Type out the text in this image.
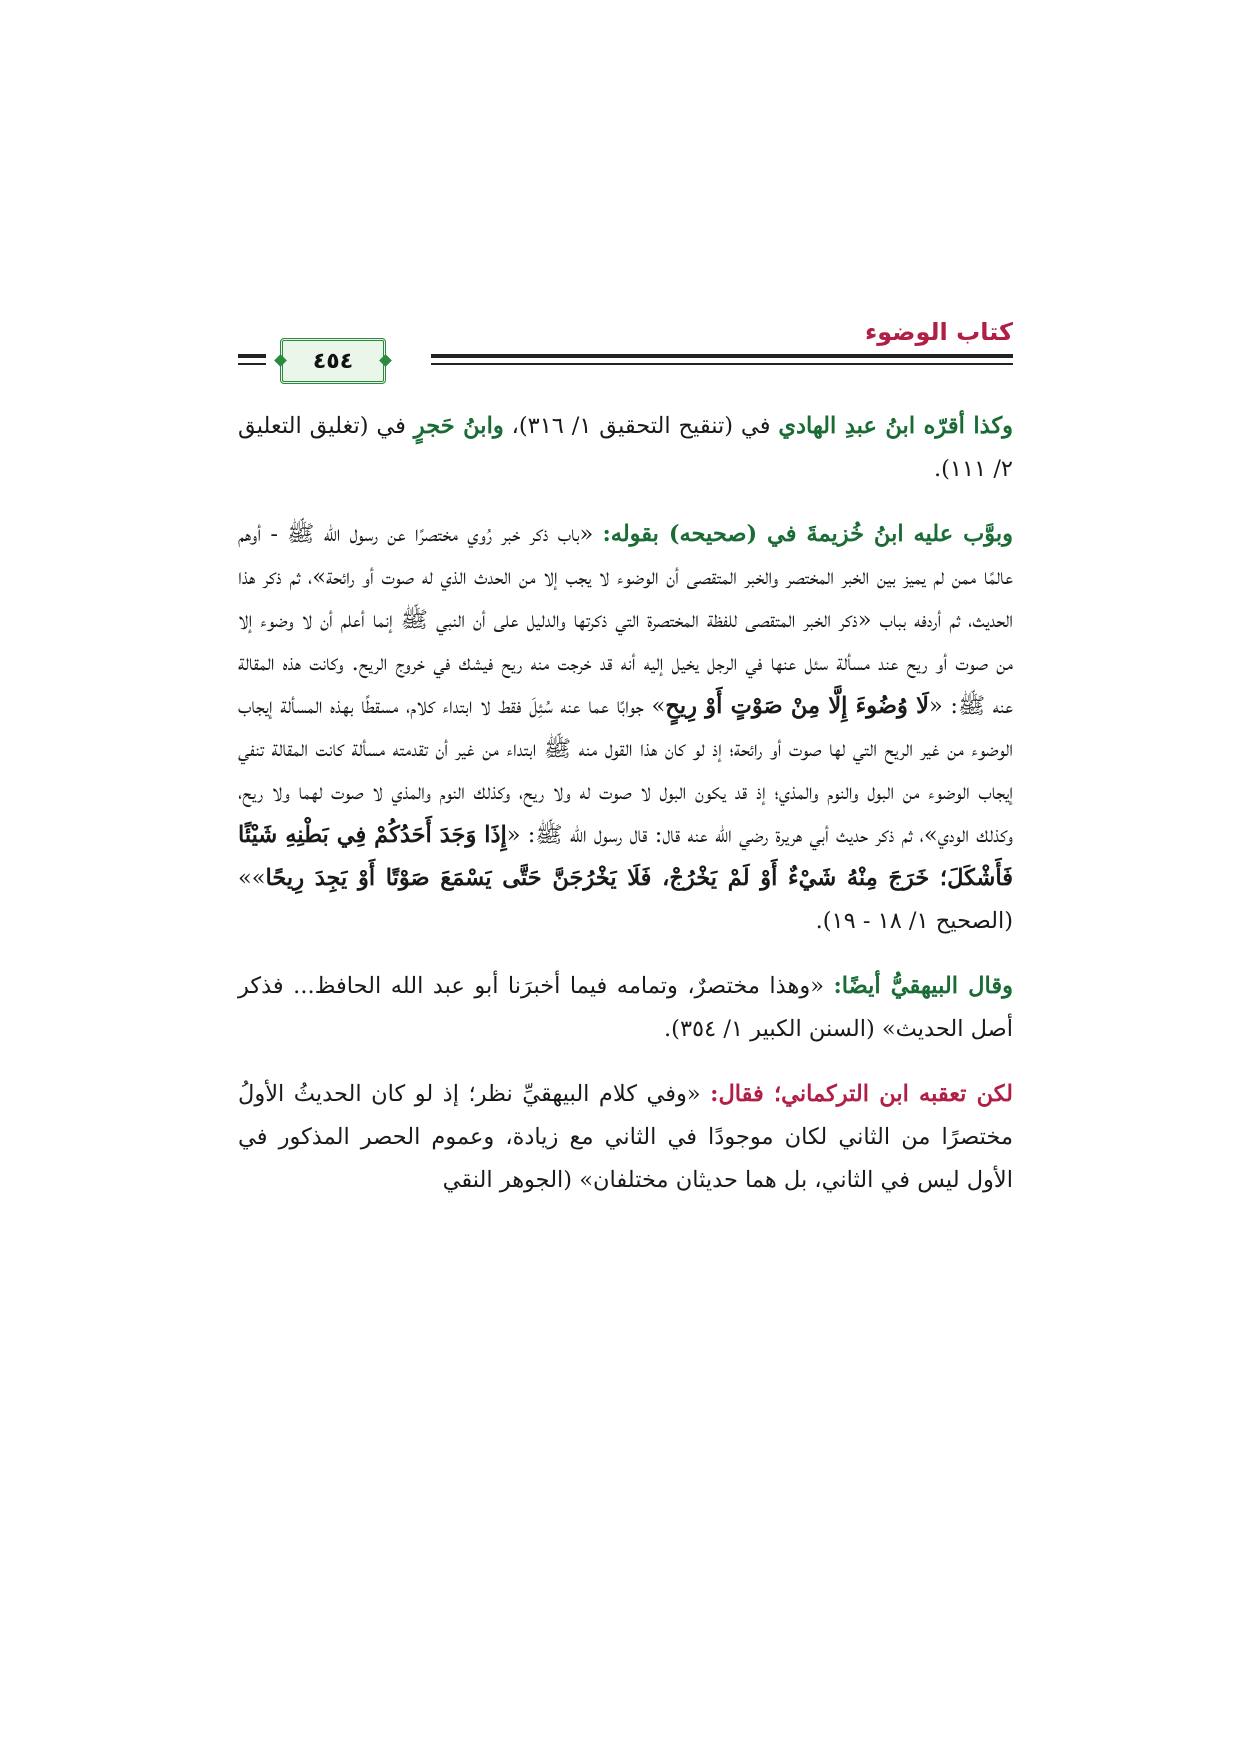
كتاب الوضوء
٤٥٤

وكذا أقرّه ابنُ عبدِ الهادي في (تنقيح التحقيق ١/ ٣١٦)، وابنُ حَجرٍ في (تغليق التعليق ٢/ ١١١).

وبوَّب عليه ابنُ خُزيمةَ في (صحيحه) بقوله: «باب ذكر خبر رُوي مختصرًا عن رسول الله ﷺ - أوهم عالمًا ممن لم يميز بين الخبر المختصر والخبر المتقصى أن الوضوء لا يجب إلا من الحدث الذي له صوت أو رائحة»، ثم ذكر هذا الحديث، ثم أردفه بباب «ذكر الخبر المتقصى للفظة المختصرة التي ذكرتها والدليل على أن النبي ﷺ إنما أعلم أن لا وضوء إلا من صوت أو ريح عند مسألة سئل عنها في الرجل يخيل إليه أنه قد خرجت منه ريح فيشك في خروج الريح. وكانت هذه المقالة عنه ﷺ: «لَا وُضُوءَ إِلَّا مِنْ صَوْتٍ أَوْ رِيحٍ» جوابًا عما عنه سُئِلَ فقط لا ابتداء كلام، مسقطًا بهذه المسألة إيجاب الوضوء من غير الريح التي لها صوت أو رائحة؛ إذ لو كان هذا القول منه ﷺ ابتداء من غير أن تقدمته مسألة كانت المقالة تنفي إيجاب الوضوء من البول والنوم والمذي؛ إذ قد يكون البول لا صوت له ولا ريح، وكذلك النوم والمذي لا صوت لهما ولا ريح، وكذلك الودي»، ثم ذكر حديث أبي هريرة رضي الله عنه قال: قال رسول الله ﷺ: «إِذَا وَجَدَ أَحَدُكُمْ فِي بَطْنِهِ شَيْئًا فَأَشْكَلَ؛ خَرَجَ مِنْهُ شَيْءٌ أَوْ لَمْ يَخْرُجْ، فَلَا يَخْرُجَنَّ حَتَّى يَسْمَعَ صَوْتًا أَوْ يَجِدَ رِيحًا»» (الصحيح ١/ ١٨ - ١٩).

وقال البيهقيُّ أيضًا: «وهذا مختصرٌ، وتمامه فيما أخبرَنا أبو عبد الله الحافظ... فذكر أصل الحديث» (السنن الكبير ١/ ٣٥٤).

لكن تعقبه ابن التركماني؛ فقال: «وفي كلام البيهقيِّ نظر؛ إذ لو كان الحديثُ الأولُ مختصرًا من الثاني لكان موجودًا في الثاني مع زيادة، وعموم الحصر المذكور في الأول ليس في الثاني، بل هما حديثان مختلفان» (الجوهر النقي
